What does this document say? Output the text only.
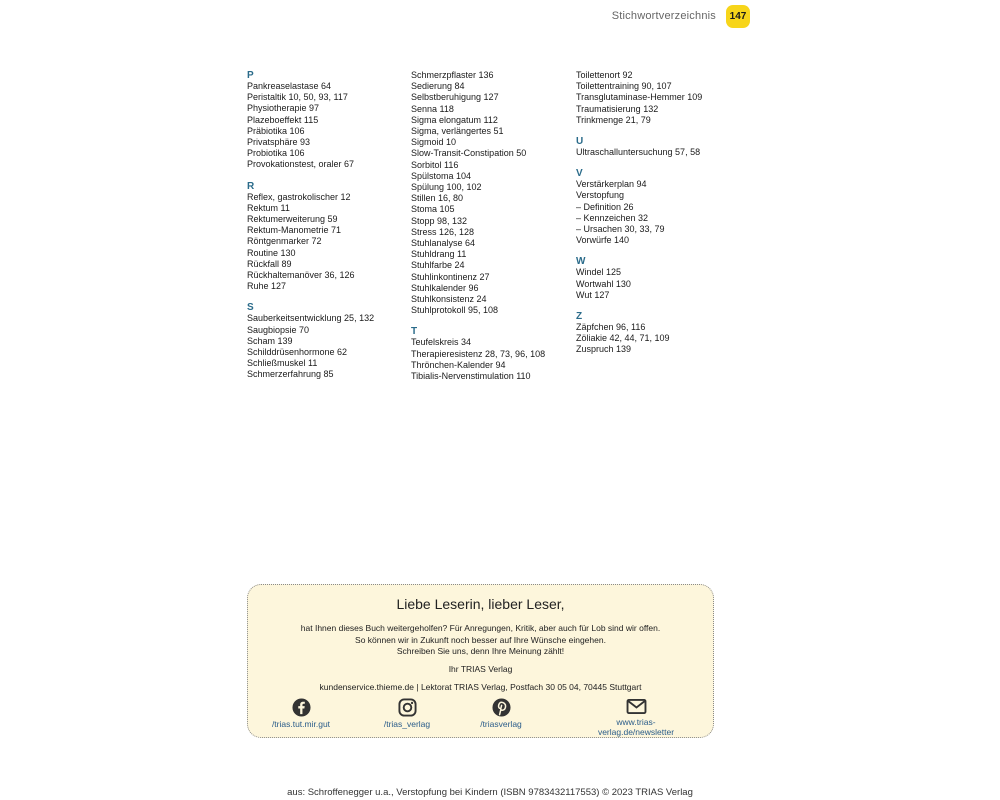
Stichwortverzeichnis	147
P
Pankreaselastase 64
Peristaltik 10, 50, 93, 117
Physiotherapie 97
Plazeboeffekt 115
Präbiotika 106
Privatsphäre 93
Probiotika 106
Provokationstest, oraler 67
R
Reflex, gastrokolischer 12
Rektum 11
Rektumerweiterung 59
Rektum-Manometrie 71
Röntgenmarker 72
Routine 130
Rückfall 89
Rückhaltemanöver 36, 126
Ruhe 127
S
Sauberkeitsentwicklung 25, 132
Saugbiopsie 70
Scham 139
Schilddrüsenhormone 62
Schließmuskel 11
Schmerzerfahrung 85
Schmerzpflaster 136
Sedierung 84
Selbstberuhigung 127
Senna 118
Sigma elongatum 112
Sigma, verlängertes 51
Sigmoid 10
Slow-Transit-Constipation 50
Sorbitol 116
Spülstoma 104
Spülung 100, 102
Stillen 16, 80
Stoma 105
Stopp 98, 132
Stress 126, 128
Stuhlanalyse 64
Stuhldrang 11
Stuhlfarbe 24
Stuhlinkontinenz 27
Stuhlkalender 96
Stuhlkonsistenz 24
Stuhlprotokoll 95, 108
T
Teufelskreis 34
Therapieresistenz 28, 73, 96, 108
Thrönchen-Kalender 94
Tibialis-Nervenstimulation 110
Toilettenort 92
Toilettentraining 90, 107
Transglutaminase-Hemmer 109
Traumatisierung 132
Trinkmenge 21, 79
U
Ultraschalluntersuchung 57, 58
V
Verstärkerplan 94
Verstopfung
– Definition 26
– Kennzeichen 32
– Ursachen 30, 33, 79
Vorwürfe 140
W
Windel 125
Wortwahl 130
Wut 127
Z
Zäpfchen 96, 116
Zöliakie 42, 44, 71, 109
Zuspruch 139
Liebe Leserin, lieber Leser,
hat Ihnen dieses Buch weitergeholfen? Für Anregungen, Kritik, aber auch für Lob sind wir offen.
So können wir in Zukunft noch besser auf Ihre Wünsche eingehen.
Schreiben Sie uns, denn Ihre Meinung zählt!
Ihr TRIAS Verlag
kundenservice.thieme.de | Lektorat TRIAS Verlag, Postfach 30 05 04, 70445 Stuttgart
/trias.tut.mir.gut	/trias_verlag	/triasverlag	www.trias-verlag.de/newsletter
aus: Schroffenegger u.a., Verstopfung bei Kindern (ISBN 9783432117553) © 2023 TRIAS Verlag
